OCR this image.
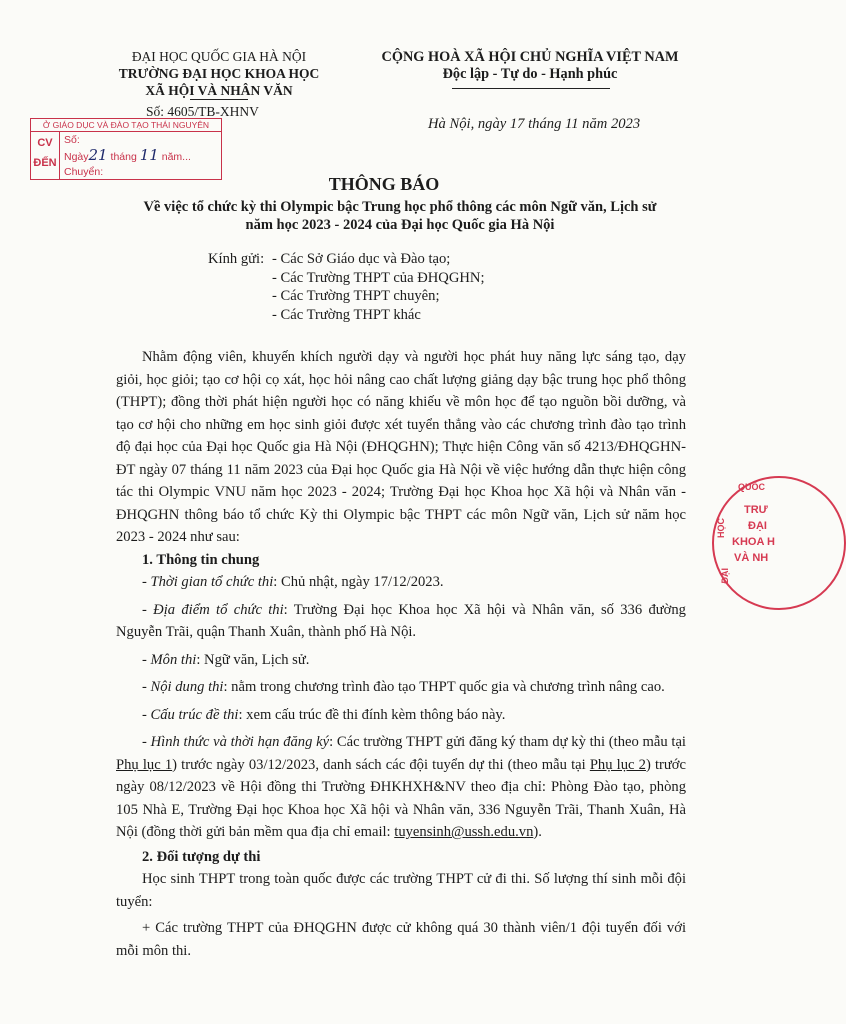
ĐẠI HỌC QUỐC GIA HÀ NỘI
TRƯỜNG ĐẠI HỌC KHOA HỌC
XÃ HỘI VÀ NHÂN VĂN
Số: 4605/TB-XHNV
CỘNG HOÀ XÃ HỘI CHỦ NGHĨA VIỆT NAM
Độc lập - Tự do - Hạnh phúc
Hà Nội, ngày 17 tháng 11 năm 2023
Ở GIÁO DỤC VÀ ĐÀO TẠO THÁI NGUYÊN
CV
ĐẾN
Số:
Ngày21 tháng 11 năm...
Chuyển:
QUỐC
TRƯ
ĐẠI
KHOA H
VÀ NH
HỌC
ĐẠI
THÔNG BÁO
Về việc tổ chức kỳ thi Olympic bậc Trung học phổ thông các môn Ngữ văn, Lịch sử
năm học 2023 - 2024 của Đại học Quốc gia Hà Nội
Kính gửi: - Các Sở Giáo dục và Đào tạo;
- Các Trường THPT của ĐHQGHN;
- Các Trường THPT chuyên;
- Các Trường THPT khác
Nhằm động viên, khuyến khích người dạy và người học phát huy năng lực sáng tạo, dạy giỏi, học giỏi; tạo cơ hội cọ xát, học hỏi nâng cao chất lượng giảng dạy bậc trung học phổ thông (THPT); đồng thời phát hiện người học có năng khiếu về môn học để tạo nguồn bồi dưỡng, và tạo cơ hội cho những em học sinh giỏi được xét tuyển thẳng vào các chương trình đào tạo trình độ đại học của Đại học Quốc gia Hà Nội (ĐHQGHN); Thực hiện Công văn số 4213/ĐHQGHN-ĐT ngày 07 tháng 11 năm 2023 của Đại học Quốc gia Hà Nội về việc hướng dẫn thực hiện công tác thi Olympic VNU năm học 2023 - 2024; Trường Đại học Khoa học Xã hội và Nhân văn - ĐHQGHN thông báo tổ chức Kỳ thi Olympic bậc THPT các môn Ngữ văn, Lịch sử năm học 2023 - 2024 như sau:
1. Thông tin chung
- Thời gian tổ chức thi: Chủ nhật, ngày 17/12/2023.
- Địa điểm tổ chức thi: Trường Đại học Khoa học Xã hội và Nhân văn, số 336 đường Nguyễn Trãi, quận Thanh Xuân, thành phố Hà Nội.
- Môn thi: Ngữ văn, Lịch sử.
- Nội dung thi: nằm trong chương trình đào tạo THPT quốc gia và chương trình nâng cao.
- Cấu trúc đề thi: xem cấu trúc đề thi đính kèm thông báo này.
- Hình thức và thời hạn đăng ký: Các trường THPT gửi đăng ký tham dự kỳ thi (theo mẫu tại Phụ lục 1) trước ngày 03/12/2023, danh sách các đội tuyển dự thi (theo mẫu tại Phụ lục 2) trước ngày 08/12/2023 về Hội đồng thi Trường ĐHKHXH&NV theo địa chỉ: Phòng Đào tạo, phòng 105 Nhà E, Trường Đại học Khoa học Xã hội và Nhân văn, 336 Nguyễn Trãi, Thanh Xuân, Hà Nội (đồng thời gửi bản mềm qua địa chỉ email: tuyensinh@ussh.edu.vn).
2. Đối tượng dự thi
Học sinh THPT trong toàn quốc được các trường THPT cử đi thi. Số lượng thí sinh mỗi đội tuyển:
+ Các trường THPT của ĐHQGHN được cử không quá 30 thành viên/1 đội tuyển đối với mỗi môn thi.
